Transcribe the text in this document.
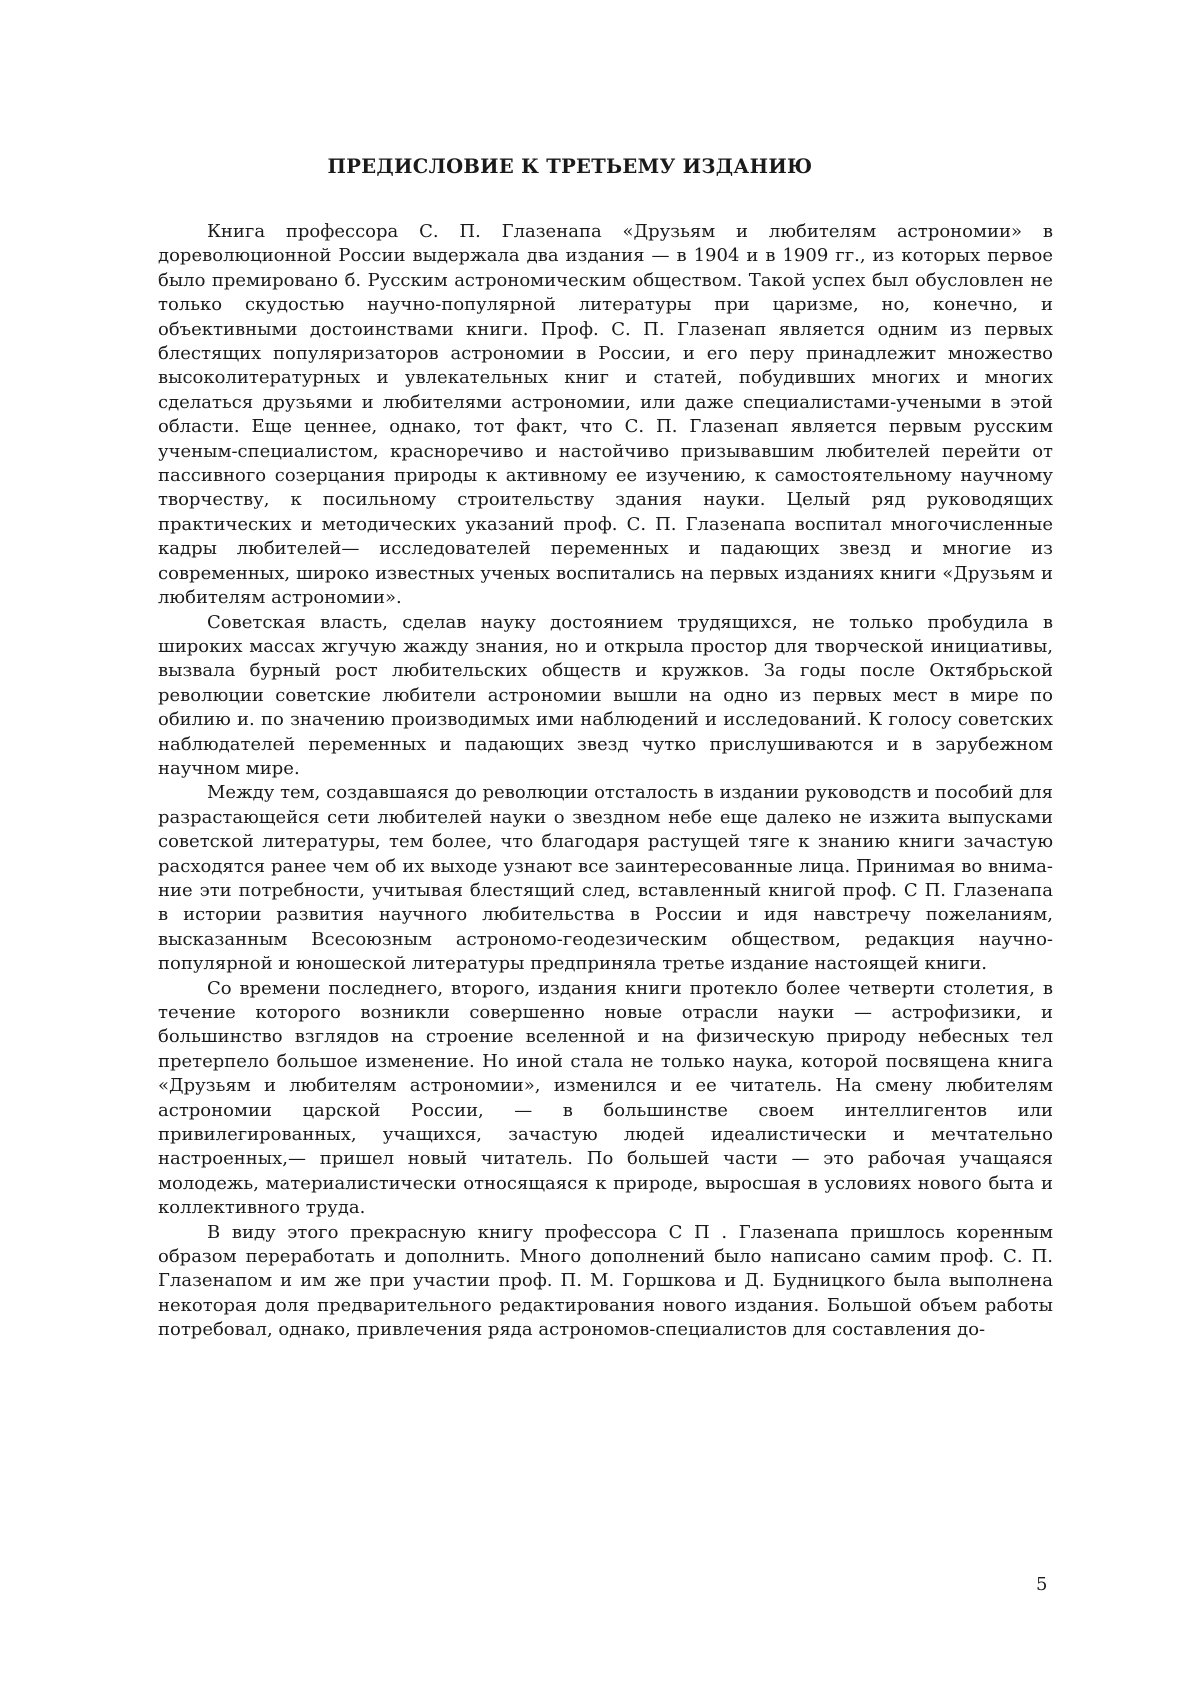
ПРЕДИСЛОВИЕ К ТРЕТЬЕМУ ИЗДАНИЮ

Книга профессора С. П. Глазенапа «Друзьям и любителям астрономии» в дореволюционной России выдержала два издания — в 1904 и в 1909 гг., из которых первое было премировано б. Русским астрономическим обществом. Такой успех был обусловлен не только скудостью научно-популярной литературы при царизме, но, конечно, и объективными достоинствами книги. Проф. С. П. Глазенап является одним из первых блестящих популяризаторов астрономии в России, и его перу принадлежит множество высоколитературных и увлекательных книг и статей, побудивших многих и многих сделаться друзьями и любителями астрономии, или даже специалистами-учеными в этой области. Еще ценнее, однако, тот факт, что С. П. Глазенап является первым русским ученым-специалистом, красноречиво и настойчиво призывавшим любителей перейти от пассивного созерцания природы к активному ее изучению, к самостоятельному научному творчеству, к посильному строительству здания науки. Целый ряд руководящих практических и методических указаний проф. С. П. Глазенапа воспитал многочисленные кадры любителей— исследователей переменных и падающих звезд и многие из современных, широко известных ученых воспитались на первых изданиях книги «Друзьям и любителям астрономии».

Советская власть, сделав науку достоянием трудящихся, не только пробудила в широких массах жгучую жажду знания, но и открыла простор для творческой инициативы, вызвала бурный рост любительских обществ и кружков. За годы после Октябрьской революции советские любители астрономии вышли на одно из первых мест в мире по обилию и. по значению производимых ими наблюдений и исследований. К голосу советских наблюдателей переменных и падающих звезд чутко прислушиваются и в зарубежном научном мире.

Между тем, создавшаяся до революции отсталость в издании руководств и пособий для разрастающейся сети любителей науки о звездном небе еще далеко не изжита выпусками советской литературы, тем более, что благодаря растущей тяге к знанию книги зачастую расходятся ранее чем об их выходе узнают все заинтересованные лица. Принимая во внимание эти потребности, учитывая блестящий след, вставленный книгой проф. С П. Глазенапа в истории развития научного любительства в России и идя навстречу пожеланиям, высказанным Всесоюзным астрономо-геодезическим обществом, редакция научно-популярной и юношеской литературы предприняла третье издание настоящей книги.

Со времени последнего, второго, издания книги протекло более четверти столетия, в течение которого возникли совершенно новые отрасли науки — астрофизики, и большинство взглядов на строение вселенной и на физическую природу небесных тел претерпело большое изменение. Но иной стала не только наука, которой посвящена книга «Друзьям и любителям астрономии», изменился и ее читатель. На смену любителям астрономии царской России, — в большинстве своем интеллигентов или привилегированных, учащихся, зачастую людей идеалистически и мечтательно настроенных,— пришел новый читатель. По большей части — это рабочая учащаяся молодежь, материалистически относящаяся к природе, выросшая в условиях нового быта и коллективного труда.

В виду этого прекрасную книгу профессора С П . Глазенапа пришлось коренным образом переработать и дополнить. Много дополнений было написано самим проф. С. П. Глазенапом и им же при участии проф. П. М. Горшкова и Д. Будницкого была выполнена некоторая доля предварительного редактирования нового издания. Большой объем работы потребовал, однако, привлечения ряда астрономов-специалистов для составления до-

5
